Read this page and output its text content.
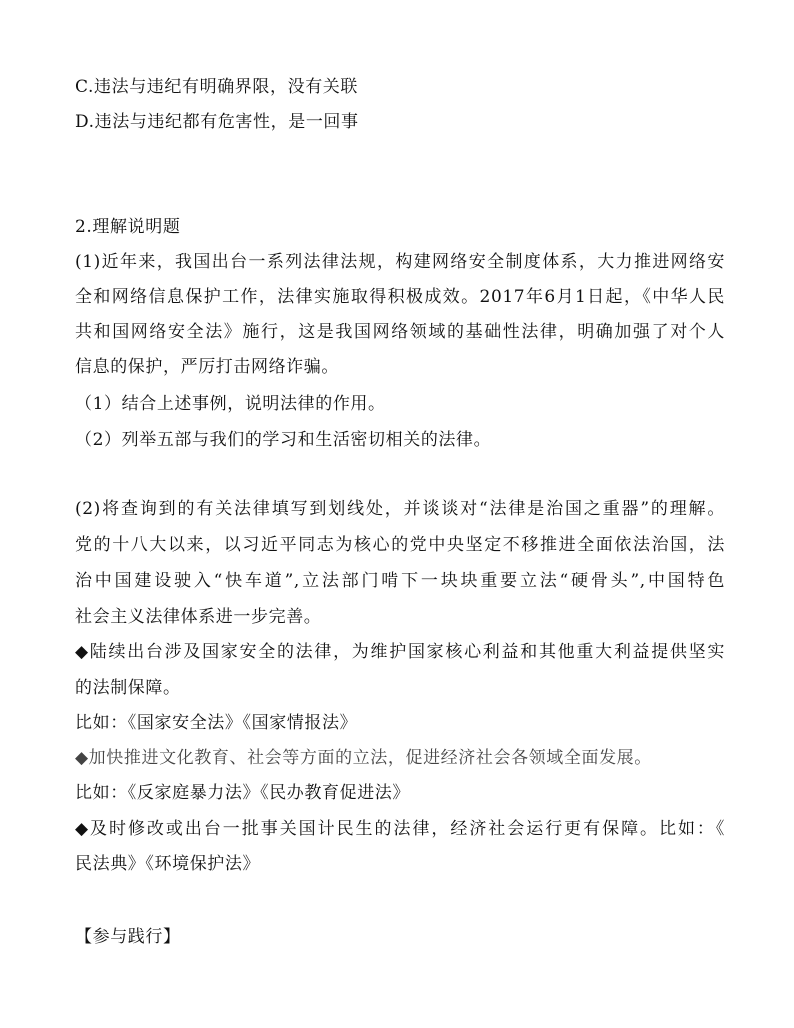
C.违法与违纪有明确界限，没有关联
D.违法与违纪都有危害性，是一回事
2.理解说明题
(1)近年来，我国出台一系列法律法规，构建网络安全制度体系，大力推进网络安
全和网络信息保护工作，法律实施取得积极成效。2017年6月1日起，《中华人民
共和国网络安全法》施行，这是我国网络领域的基础性法律，明确加强了对个人
信息的保护，严厉打击网络诈骗。
（1）结合上述事例，说明法律的作用。
（2）列举五部与我们的学习和生活密切相关的法律。
(2)将查询到的有关法律填写到划线处，并谈谈对“法律是治国之重器”的理解。
党的十八大以来，以习近平同志为核心的党中央坚定不移推进全面依法治国，法
治中国建设驶入“快车道”,立法部门啃下一块块重要立法“硬骨头”,中国特色
社会主义法律体系进一步完善。
◆陆续出台涉及国家安全的法律，为维护国家核心利益和其他重大利益提供坚实
的法制保障。
比如：《国家安全法》《国家情报法》
◆加快推进文化教育、社会等方面的立法，促进经济社会各领域全面发展。
比如：《反家庭暴力法》《民办教育促进法》
◆及时修改或出台一批事关国计民生的法律，经济社会运行更有保障。比如：《
民法典》《环境保护法》
【参与践行】
